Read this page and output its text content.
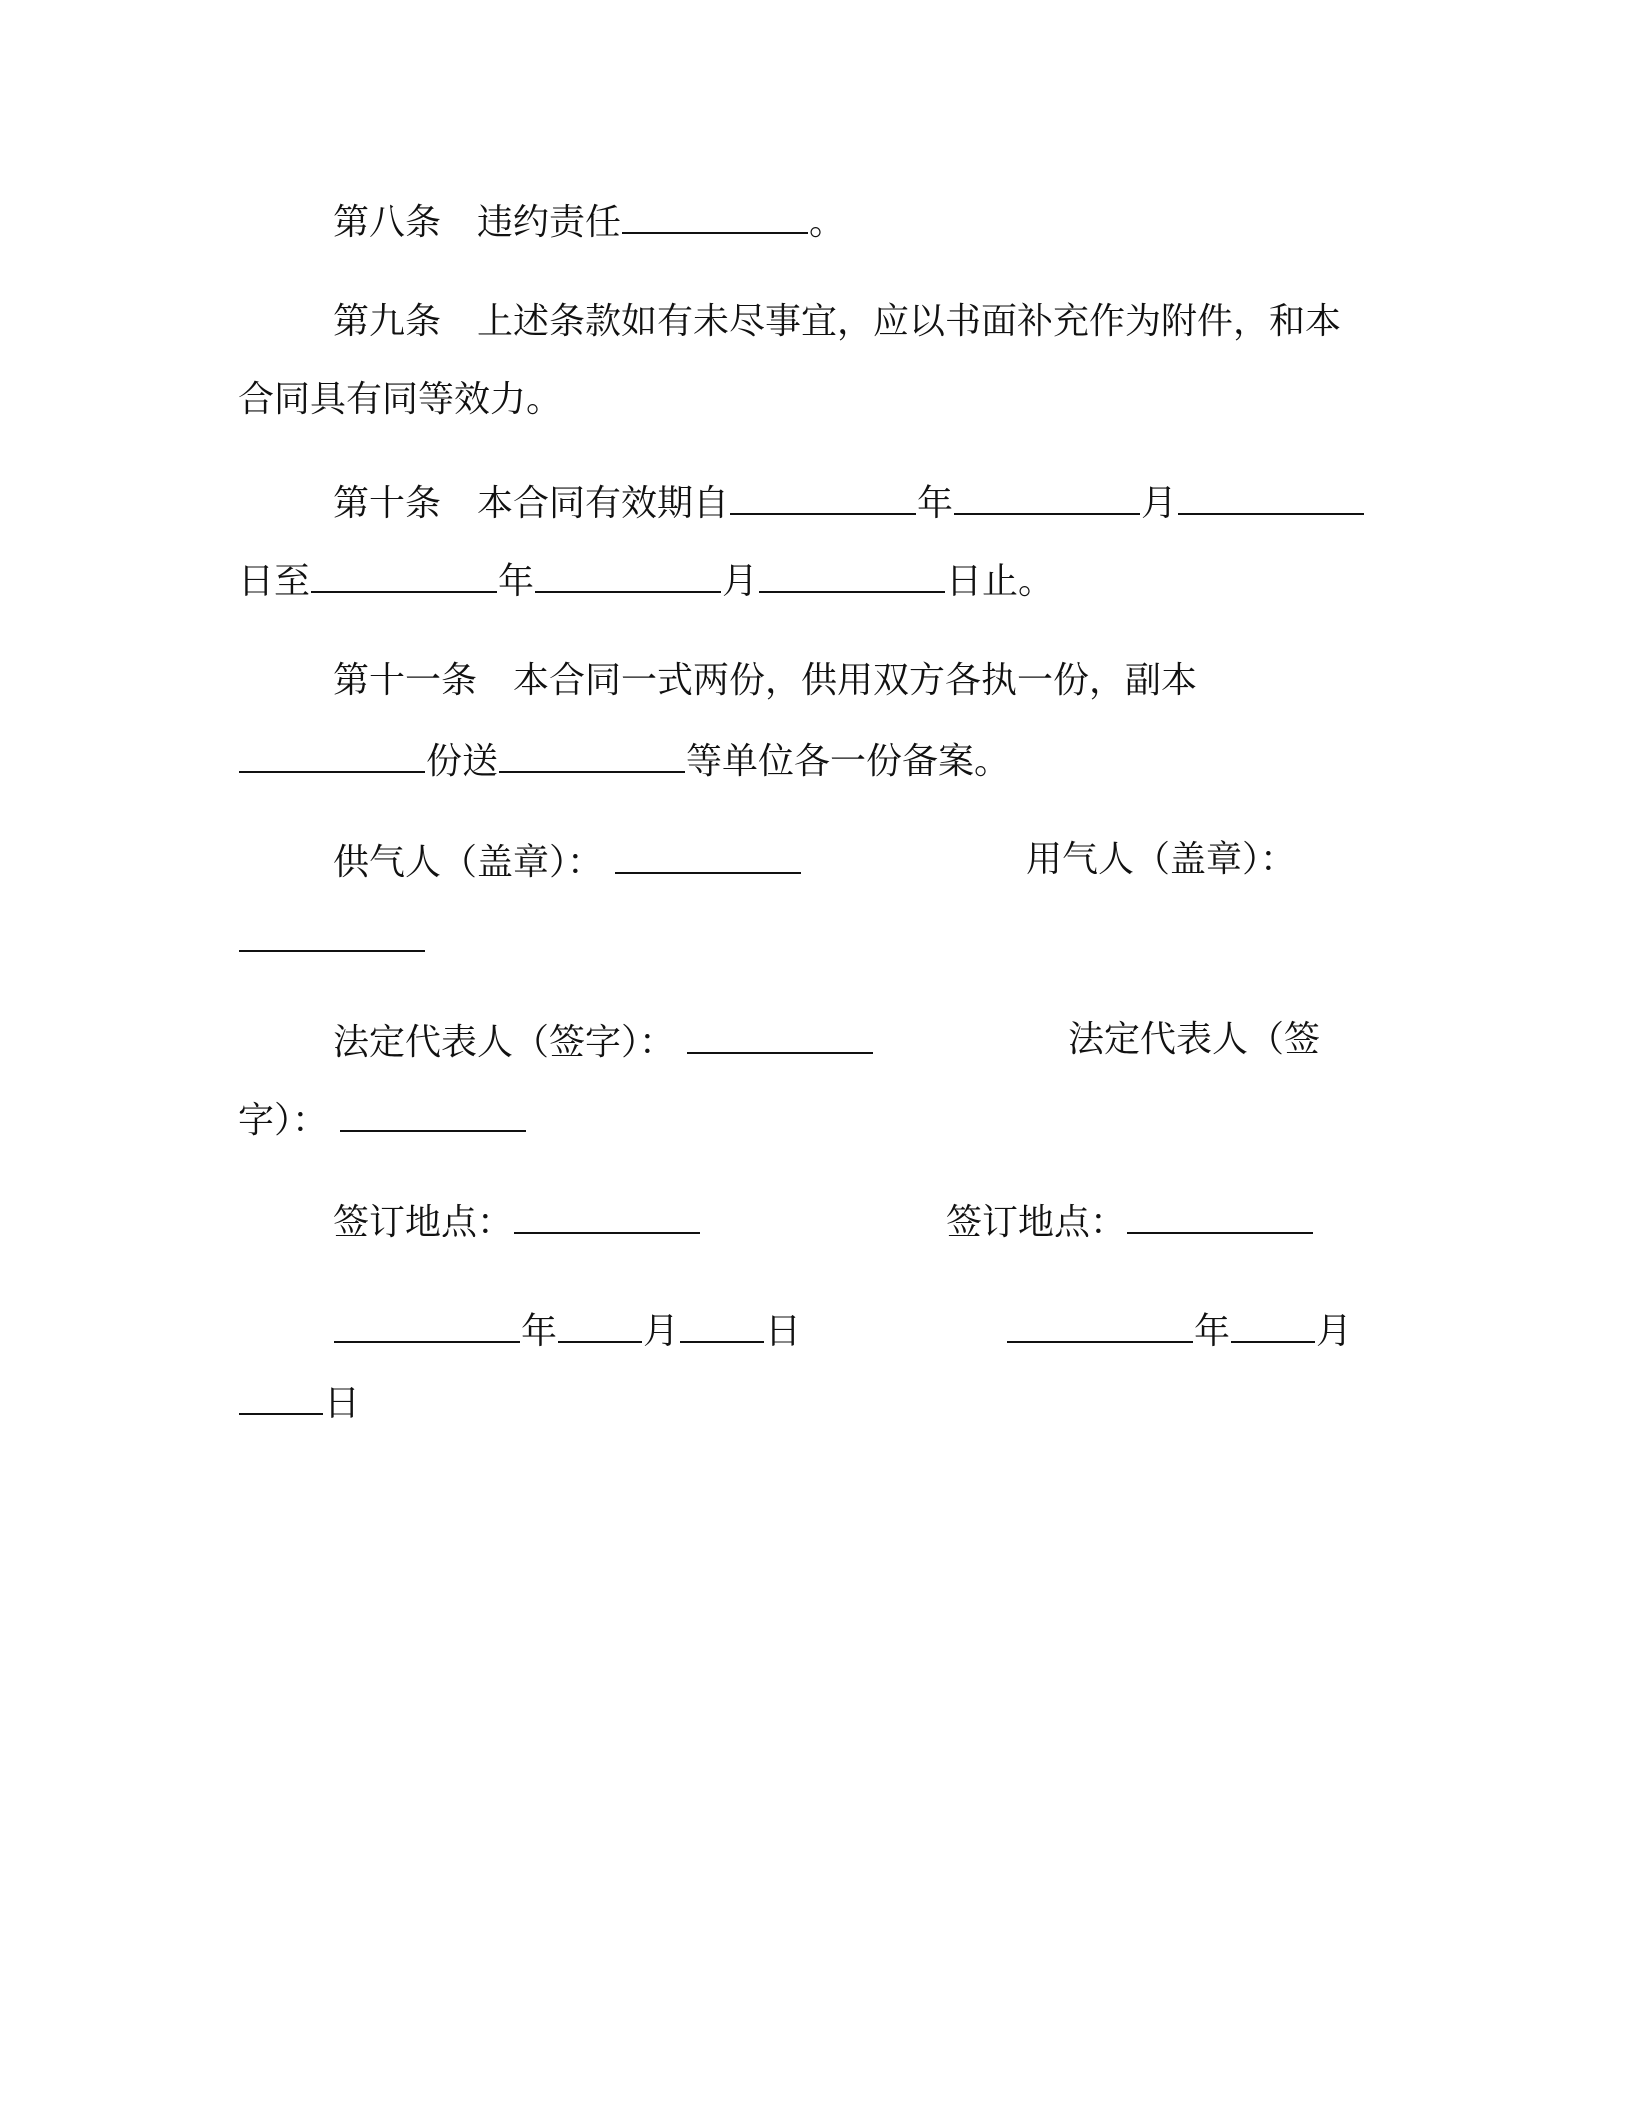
第八条 违约责任	。
第九条 上述条款如有未尽事宜，应以书面补充作为附件，和本
合同具有同等效力。
第十条 本合同有效期自	年	月
日至	年	月	日止。
第十一条 本合同一式两份，供用双方各执一份，副本
份送	等单位各一份备案。
供气人（盖章）：	用气人（盖章）：
法定代表人（签字）：	法定代表人（签
字）：
签订地点：	签订地点：
年 月 日	年 月
日
